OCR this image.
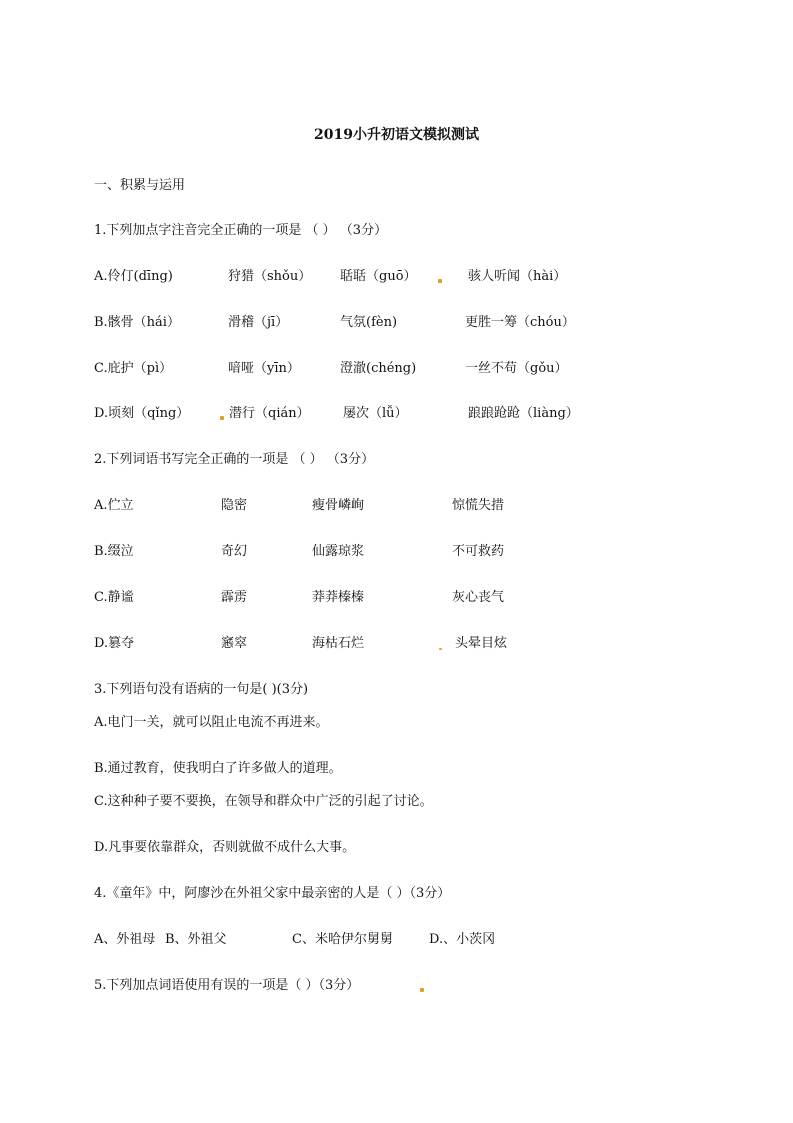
2019小升初语文模拟测试
一、积累与运用
1.下列加点字注音完全正确的一项是 （ ） （3分）
A.伶仃(dīng)	狩猎（shǒu） 聒聒（guō）	骇人听闻（hài）
B.骸骨（hái）	滑稽（jī）	气氛(fèn)	更胜一筹（chóu）
C.庇护（pì）	喑哑（yīn）	澄澈(chéng)	一丝不苟（gǒu）
D.顷刻（qǐng）	潜行（qián）	屡次（lǚ）	踉踉跄跄（liàng）
2.下列词语书写完全正确的一项是 （ ） （3分）
A.伫立	隐密	瘦骨嶙峋	惊慌失措
B.缀泣	奇幻	仙露琼浆	不可救药
C.静谧	霹雳	莽莽榛榛	灰心丧气
D.篡夺	窸窣	海枯石烂	头晕目炫
3.下列语句没有语病的一句是( )(3分)
A.电门一关，就可以阻止电流不再进来。
B.通过教育，使我明白了许多做人的道理。
C.这种种子要不要换，在领导和群众中广泛的引起了讨论。
D.凡事要依靠群众，否则就做不成什么大事。
4.《童年》中，阿廖沙在外祖父家中最亲密的人是（ ）（3分）
A、外祖母 B、外祖父	C、米哈伊尔舅舅	D.、小茨冈
5.下列加点词语使用有误的一项是（ ）（3分）
